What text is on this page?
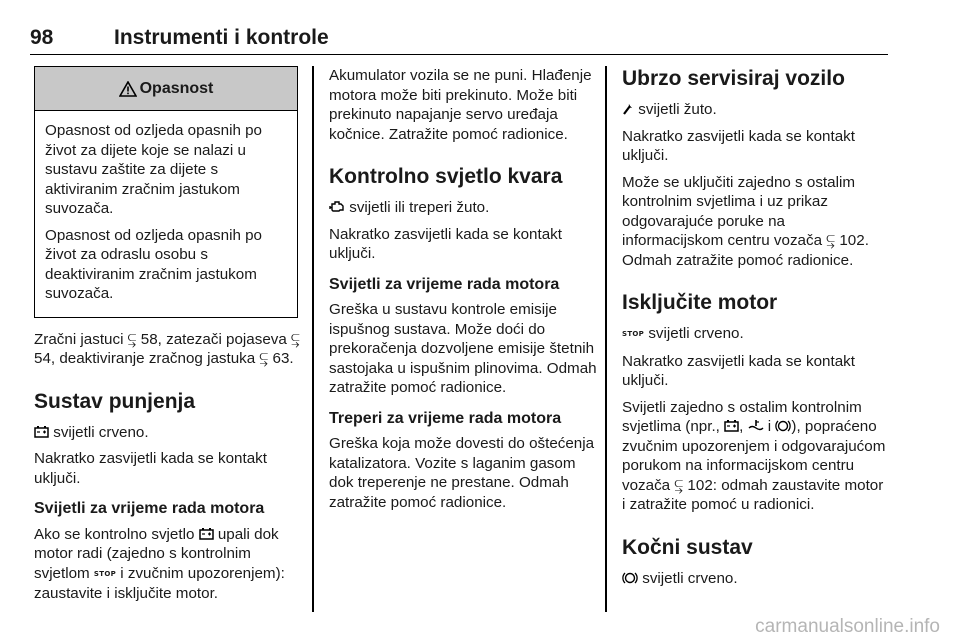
98	Instrumenti i kontrole
Opasnost

Opasnost od ozljeda opasnih po život za dijete koje se nalazi u sustavu zaštite za dijete s aktiviranim zračnim jastukom suvozača.

Opasnost od ozljeda opasnih po život za odraslu osobu s deaktiviranim zračnim jastukom suvozača.

Zračni jastuci ⥹ 58, zatezači pojaseva ⥹ 54, deaktiviranje zračnog jastuka ⥹ 63.

Sustav punjenja

svijetli crveno.

Nakratko zasvijetli kada se kontakt uključi.

Svijetli za vrijeme rada motora

Ako se kontrolno svjetlo  upali dok motor radi (zajedno s kontrolnim svjetlom STOP i zvučnim upozorenjem): zaustavite i isključite motor.

Akumulator vozila se ne puni. Hlađenje motora može biti prekinuto. Može biti prekinuto napajanje servo uređaja kočnice. Zatražite pomoć radionice.

Kontrolno svjetlo kvara

svijetli ili treperi žuto.

Nakratko zasvijetli kada se kontakt uključi.

Svijetli za vrijeme rada motora

Greška u sustavu kontrole emisije ispušnog sustava. Može doći do prekoračenja dozvoljene emisije štetnih sastojaka u ispušnim plinovima. Odmah zatražite pomoć radionice.

Treperi za vrijeme rada motora

Greška koja može dovesti do oštećenja katalizatora. Vozite s laganim gasom dok treperenje ne prestane. Odmah zatražite pomoć radionice.

Ubrzo servisiraj vozilo

svijetli žuto.

Nakratko zasvijetli kada se kontakt uključi.

Može se uključiti zajedno s ostalim kontrolnim svjetlima i uz prikaz odgovarajuće poruke na informacijskom centru vozača ⥹ 102. Odmah zatražite pomoć radionice.

Isključite motor

STOP svijetli crveno.

Nakratko zasvijetli kada se kontakt uključi.

Svijetli zajedno s ostalim kontrolnim svjetlima (npr., ,  i ), popraćeno zvučnim upozorenjem i odgovarajućom porukom na informacijskom centru vozača ⥹ 102: odmah zaustavite motor i zatražite pomoć u radionici.

Kočni sustav

svijetli crveno.

carmanualsonline.info
